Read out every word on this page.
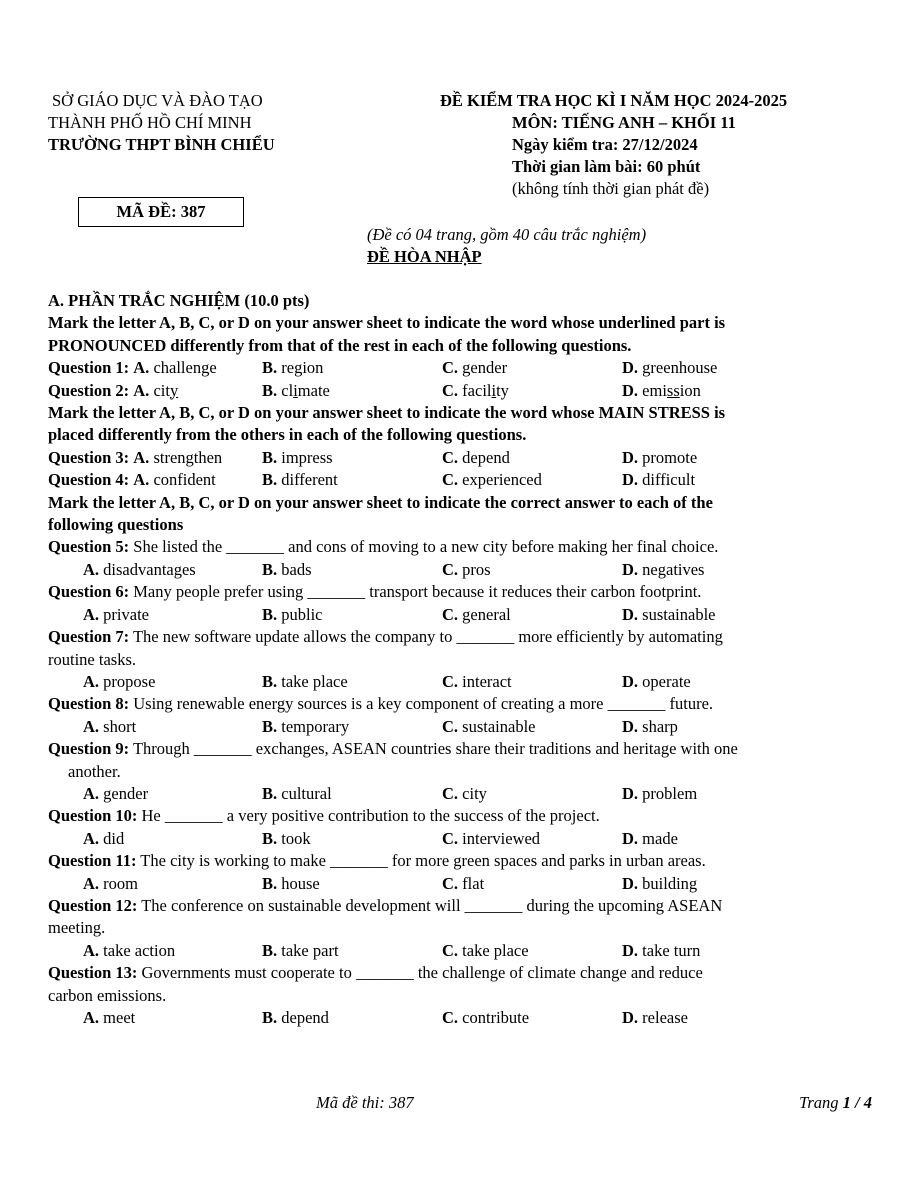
SỞ GIÁO DỤC VÀ ĐÀO TẠO
THÀNH PHỐ HỒ CHÍ MINH
TRƯỜNG THPT BÌNH CHIỂU
ĐỀ KIỂM TRA HỌC KÌ I NĂM HỌC 2024-2025
MÔN: TIẾNG ANH – KHỐI 11
Ngày kiểm tra: 27/12/2024
Thời gian làm bài: 60 phút
(không tính thời gian phát đề)
MÃ ĐỀ: 387
(Đề có 04 trang, gồm 40 câu trắc nghiệm)
ĐỀ HÒA NHẬP
A. PHẦN TRẮC NGHIỆM (10.0 pts)
Mark the letter A, B, C, or D on your answer sheet to indicate the word whose underlined part is
PRONOUNCED differently from that of the rest in each of the following questions.
Question 1: A. challenge	B. region	C. gender	D. greenhouse
Question 2: A. city	B. climate	C. facility	D. emission
Mark the letter A, B, C, or D on your answer sheet to indicate the word whose MAIN STRESS is
placed differently from the others in each of the following questions.
Question 3: A. strengthen	B. impress	C. depend	D. promote
Question 4: A. confident	B. different	C. experienced	D. difficult
Mark the letter A, B, C, or D on your answer sheet to indicate the correct answer to each of the
following questions
Question 5: She listed the _______ and cons of moving to a new city before making her final choice.
A. disadvantages	B. bads	C. pros	D. negatives
Question 6: Many people prefer using _______ transport because it reduces their carbon footprint.
A. private	B. public	C. general	D. sustainable
Question 7: The new software update allows the company to _______ more efficiently by automating
routine tasks.
A. propose	B. take place	C. interact	D. operate
Question 8: Using renewable energy sources is a key component of creating a more _______ future.
A. short	B. temporary	C. sustainable	D. sharp
Question 9: Through _______ exchanges, ASEAN countries share their traditions and heritage with one
another.
A. gender	B. cultural	C. city	D. problem
Question 10: He _______ a very positive contribution to the success of the project.
A. did	B. took	C. interviewed	D. made
Question 11: The city is working to make _______ for more green spaces and parks in urban areas.
A. room	B. house	C. flat	D. building
Question 12: The conference on sustainable development will _______ during the upcoming ASEAN
meeting.
A. take action	B. take part	C. take place	D. take turn
Question 13: Governments must cooperate to _______ the challenge of climate change and reduce
carbon emissions.
A. meet	B. depend	C. contribute	D. release
Mã đề thi: 387	Trang 1 / 4
